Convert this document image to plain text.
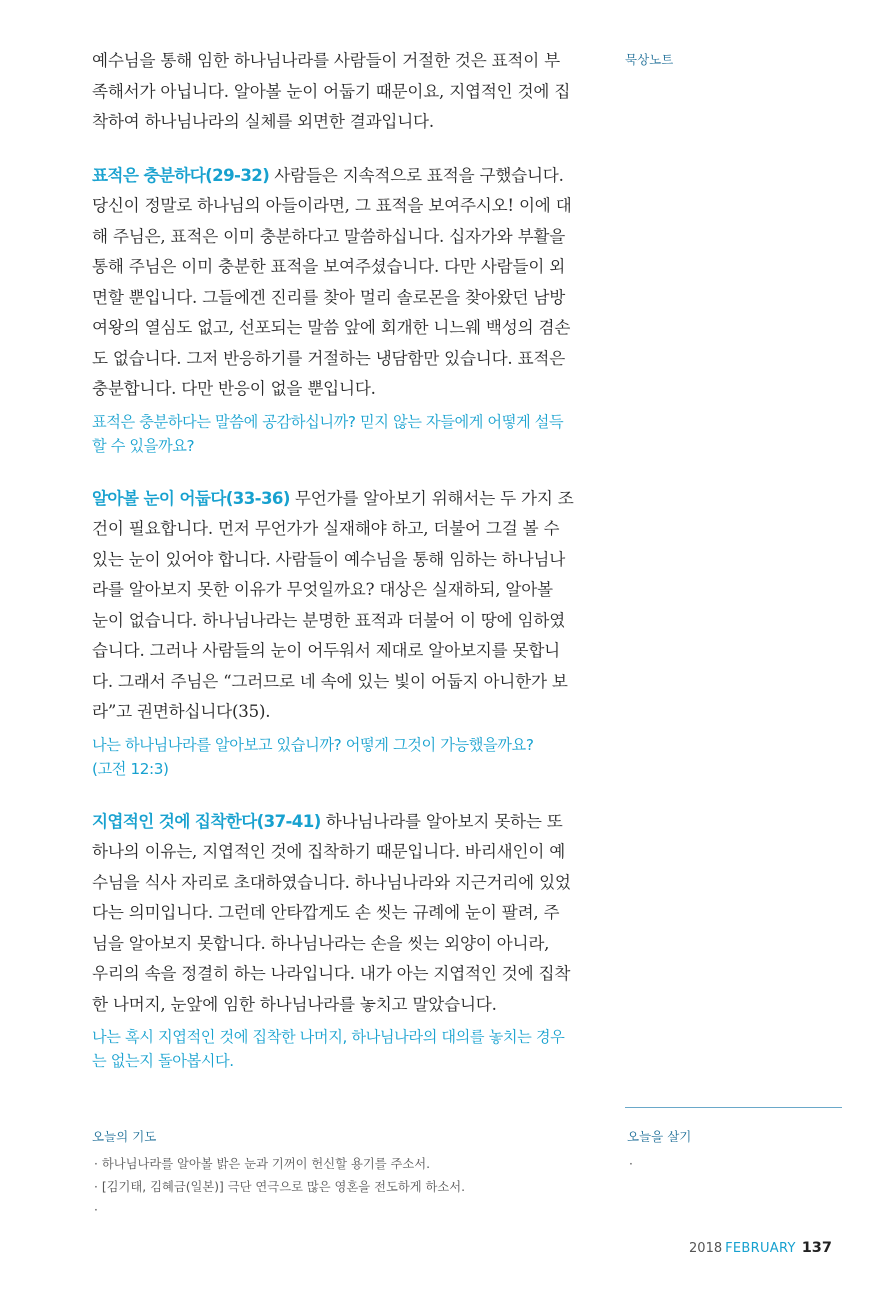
묵상노트

예수님을 통해 임한 하나님나라를 사람들이 거절한 것은 표적이 부

족해서가 아닙니다. 알아볼 눈이 어둡기 때문이요, 지엽적인 것에 집

착하여 하나님나라의 실체를 외면한 결과입니다.

표적은 충분하다(29-32) 사람들은 지속적으로 표적을 구했습니다.

당신이 정말로 하나님의 아들이라면, 그 표적을 보여주시오! 이에 대

해 주님은, 표적은 이미 충분하다고 말씀하십니다. 십자가와 부활을

통해 주님은 이미 충분한 표적을 보여주셨습니다. 다만 사람들이 외

면할 뿐입니다. 그들에겐 진리를 찾아 멀리 솔로몬을 찾아왔던 남방

여왕의 열심도 없고, 선포되는 말씀 앞에 회개한 니느웨 백성의 겸손

도 없습니다. 그저 반응하기를 거절하는 냉담함만 있습니다. 표적은

충분합니다. 다만 반응이 없을 뿐입니다.

표적은 충분하다는 말씀에 공감하십니까? 믿지 않는 자들에게 어떻게 설득
할 수 있을까요?

알아볼 눈이 어둡다(33-36) 무언가를 알아보기 위해서는 두 가지 조

건이 필요합니다. 먼저 무언가가 실재해야 하고, 더불어 그걸 볼 수

있는 눈이 있어야 합니다. 사람들이 예수님을 통해 임하는 하나님나

라를 알아보지 못한 이유가 무엇일까요? 대상은 실재하되, 알아볼

눈이 없습니다. 하나님나라는 분명한 표적과 더불어 이 땅에 임하였

습니다. 그러나 사람들의 눈이 어두워서 제대로 알아보지를 못합니

다. 그래서 주님은 “그러므로 네 속에 있는 빛이 어둡지 아니한가 보

라”고 권면하십니다(35).

나는 하나님나라를 알아보고 있습니까? 어떻게 그것이 가능했을까요?
(고전 12:3)

지엽적인 것에 집착한다(37-41) 하나님나라를 알아보지 못하는 또

하나의 이유는, 지엽적인 것에 집착하기 때문입니다. 바리새인이 예

수님을 식사 자리로 초대하였습니다. 하나님나라와 지근거리에 있었

다는 의미입니다. 그런데 안타깝게도 손 씻는 규례에 눈이 팔려, 주

님을 알아보지 못합니다. 하나님나라는 손을 씻는 외양이 아니라,

우리의 속을 정결히 하는 나라입니다. 내가 아는 지엽적인 것에 집착

한 나머지, 눈앞에 임한 하나님나라를 놓치고 말았습니다.

나는 혹시 지엽적인 것에 집착한 나머지, 하나님나라의 대의를 놓치는 경우
는 없는지 돌아봅시다.
오늘의 기도
· 하나님나라를 알아볼 밝은 눈과 기꺼이 헌신할 용기를 주소서.
· [김기태, 김혜금(일본)] 극단 연극으로 많은 영혼을 전도하게 하소서.
·
오늘을 살기
·
2018 FEBRUARY 137
